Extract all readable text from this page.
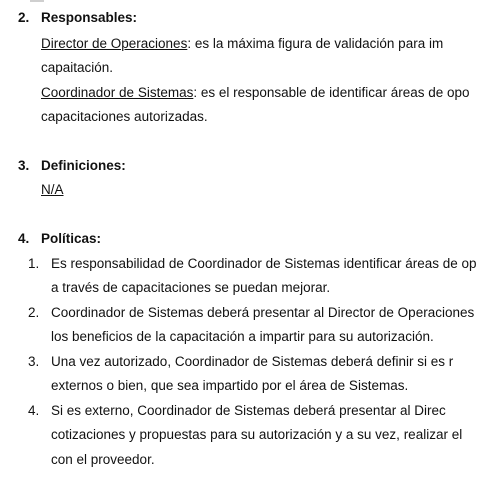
2. Responsables:
Director de Operaciones: es la máxima figura de validación para im
capaitación.
Coordinador de Sistemas: es el responsable de identificar áreas de opo
capacitaciones autorizadas.
3. Definiciones:
N/A
4. Políticas:
1. Es responsabilidad de Coordinador de Sistemas identificar áreas de op
a través de capacitaciones se puedan mejorar.
2. Coordinador de Sistemas deberá presentar al Director de Operaciones
los beneficios de la capacitación a impartir para su autorización.
3. Una vez autorizado, Coordinador de Sistemas deberá definir si es r
externos o bien, que sea impartido por el área de Sistemas.
4. Si es externo, Coordinador de Sistemas deberá presentar al Direc
cotizaciones y propuestas para su autorización y a su vez, realizar el
con el proveedor.
